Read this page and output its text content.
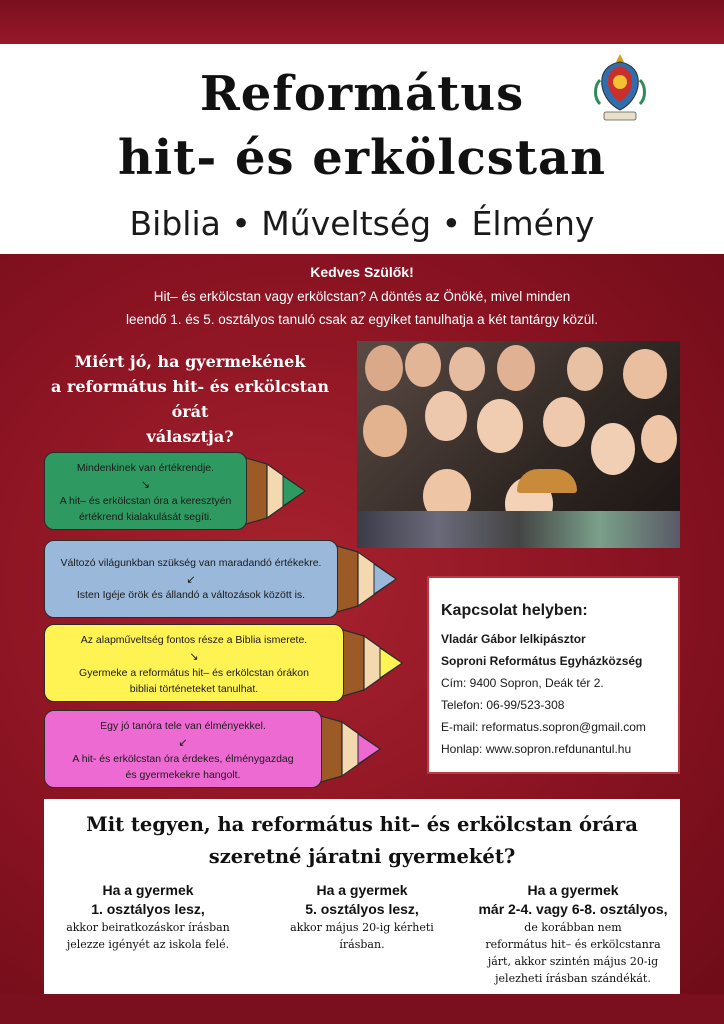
Református
hit- és erkölcstan
Biblia • Műveltség • Élmény
Kedves Szülők!
Hit– és erkölcstan vagy erkölcstan? A döntés az Önöké, mivel minden
leendő 1. és 5. osztályos tanuló csak az egyiket tanulhatja a két tantárgy közül.
Miért jó, ha gyermekének
a református hit- és erkölcstan órát
választja?
Mindenkinek van értékrendje.
↘
A hit– és erkölcstan óra a keresztyén
értékrend kialakulását segíti.
Változó világunkban szükség van maradandó értékekre.
↙
Isten Igéje örök és állandó a változások között is.
Az alapműveltség fontos része a Biblia ismerete.
↘
Gyermeke a református hit– és erkölcstan órákon
bibliai történeteket tanulhat.
Egy jó tanóra tele van élményekkel.
↙
A hit- és erkölcstan óra érdekes, élménygazdag
és gyermekekre hangolt.
Kapcsolat helyben:
Vladár Gábor lelkipásztor
Soproni Református Egyházközség
Cím: 9400 Sopron, Deák tér 2.
Telefon: 06-99/523-308
E-mail: reformatus.sopron@gmail.com
Honlap: www.sopron.refdunantul.hu
Mit tegyen, ha református hit– és erkölcstan órára
szeretné járatni gyermekét?
Ha a gyermek
1. osztályos lesz,
akkor beiratkozáskor írásban
jelezze igényét az iskola felé.
Ha a gyermek
5. osztályos lesz,
akkor május 20-ig kérheti
írásban.
Ha a gyermek
már 2-4. vagy 6-8. osztályos,
de korábban nem
református hit– és erkölcstanra
járt, akkor szintén május 20-ig
jelezheti írásban szándékát.
